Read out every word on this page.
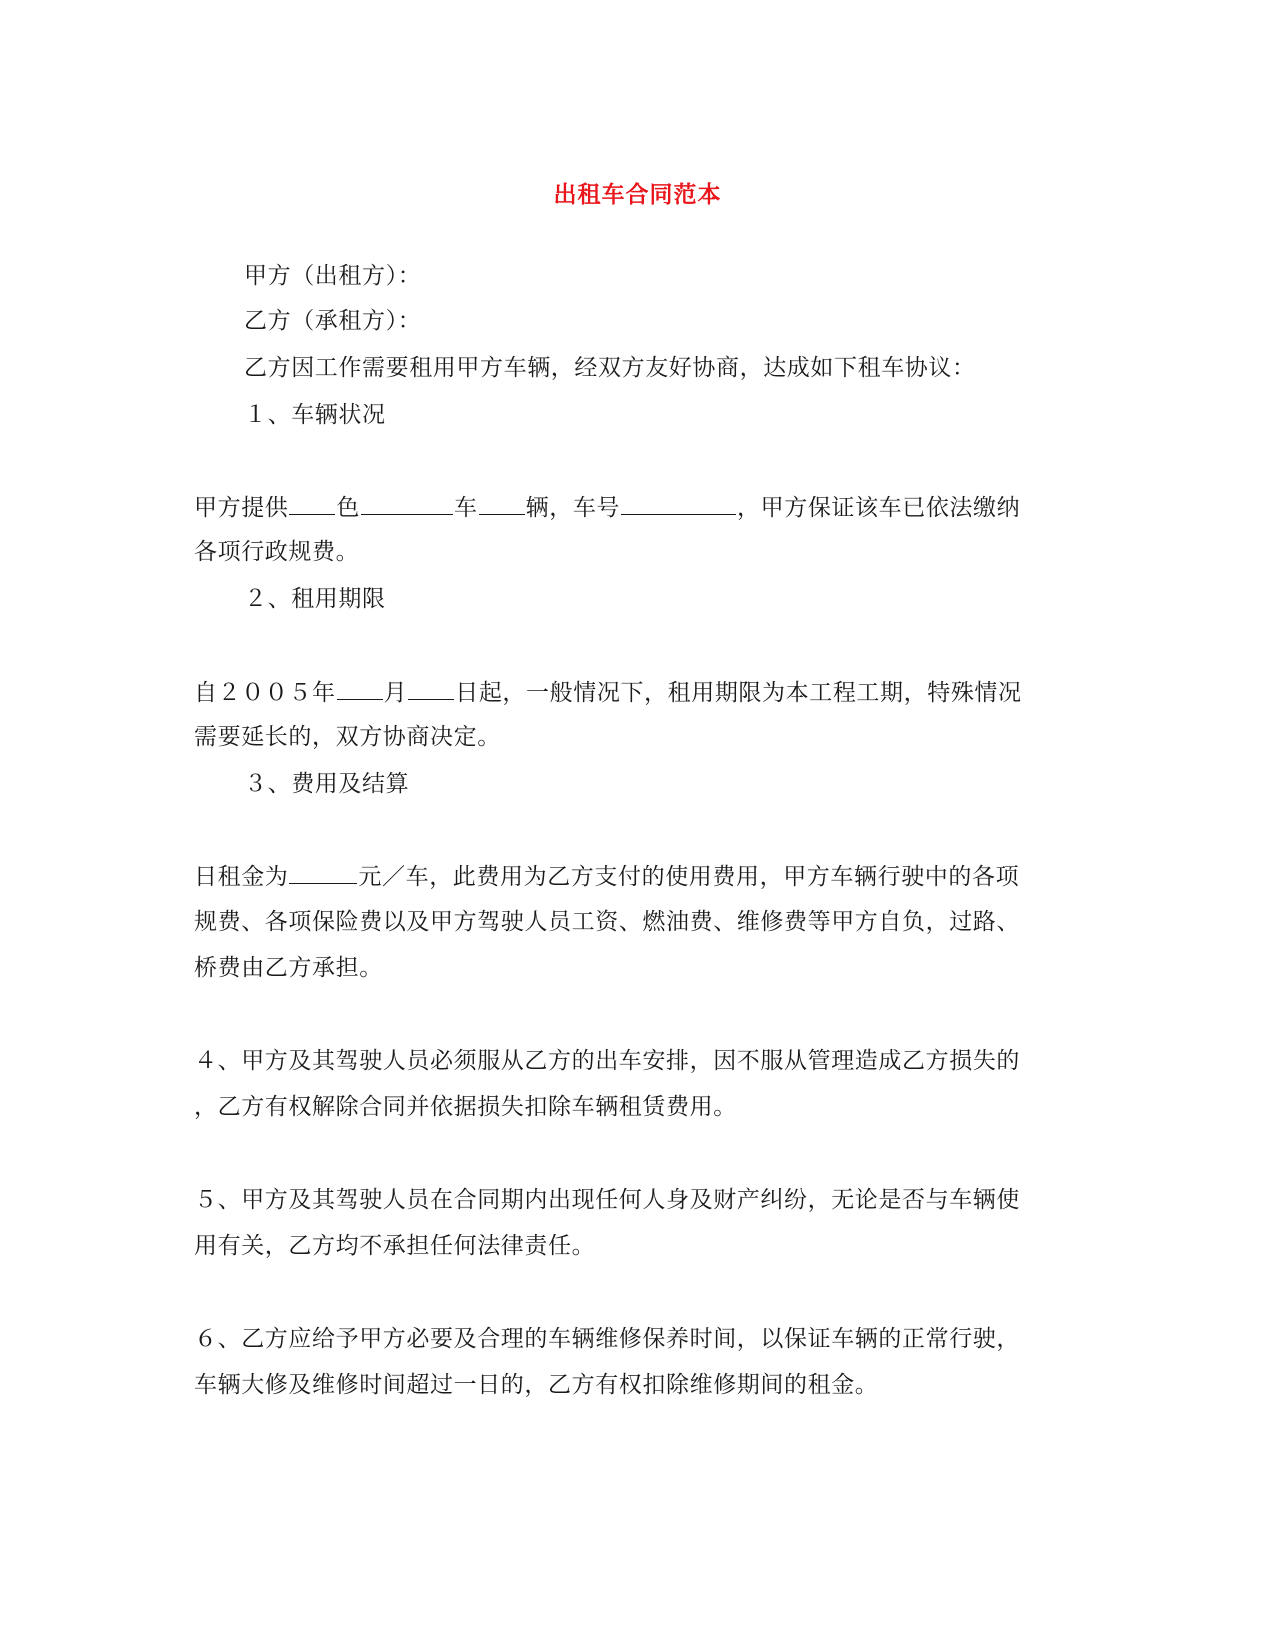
出租车合同范本
甲方（出租方）：
乙方（承租方）：
乙方因工作需要租用甲方车辆，经双方友好协商，达成如下租车协议：
１、车辆状况
甲方提供 色	车 辆，车号	，甲方保证该车已依法缴纳
各项行政规费。
２、租用期限
自２００５年 月 日起，一般情况下，租用期限为本工程工期，特殊情况
需要延长的，双方协商决定。
３、费用及结算
日租金为	元／车，此费用为乙方支付的使用费用，甲方车辆行驶中的各项
规费、各项保险费以及甲方驾驶人员工资、燃油费、维修费等甲方自负，过路、
桥费由乙方承担。
４、甲方及其驾驶人员必须服从乙方的出车安排，因不服从管理造成乙方损失的
，乙方有权解除合同并依据损失扣除车辆租赁费用。
５、甲方及其驾驶人员在合同期内出现任何人身及财产纠纷，无论是否与车辆使
用有关，乙方均不承担任何法律责任。
６、乙方应给予甲方必要及合理的车辆维修保养时间，以保证车辆的正常行驶，
车辆大修及维修时间超过一日的，乙方有权扣除维修期间的租金。
